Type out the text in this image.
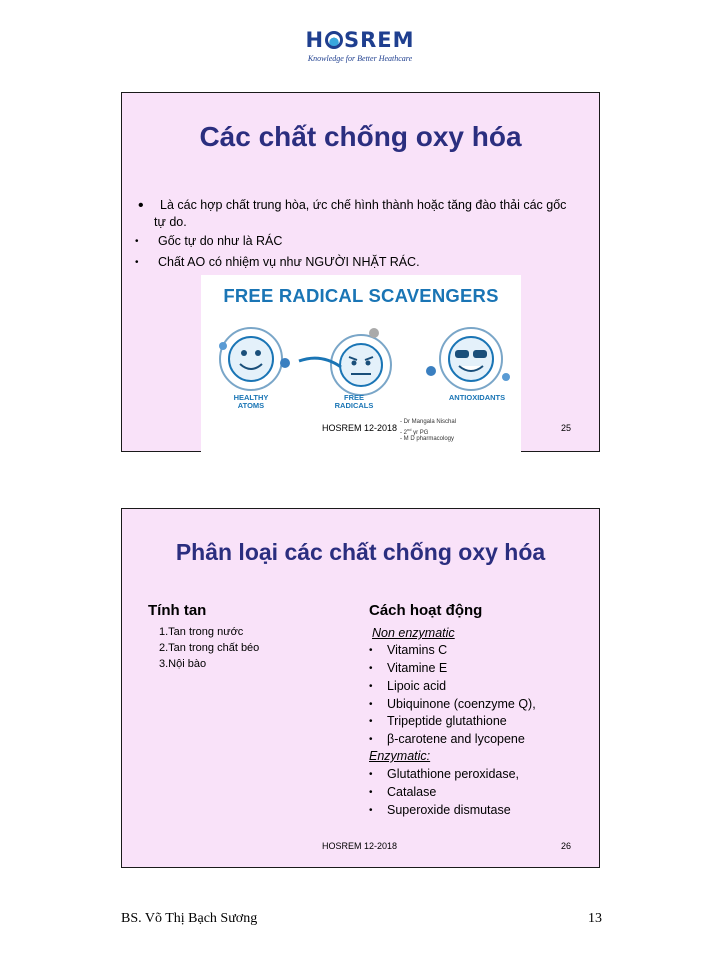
H SREM
Knowledge for Better Heathcare
Các chất chống oxy hóa
• Là các hợp chất trung hòa, ức chế hình thành hoặc tăng đào thải các gốc
tự do.
• Gốc tự do như là RÁC
• Chất AO có nhiệm vụ như NGƯỜI NHẶT RÁC.
FREE RADICAL SCAVENGERS
HEALTHY
ATOMS
FREE
RADICALS
ANTIOXIDANTS
- Dr Mangala Nischal
- 2nd yr PG
- M D pharmacology
HOSREM 12-2018	25
Phân loại các chất chống oxy hóa
Tính tan
1.Tan trong nước
2.Tan trong chất béo
3.Nội bào
Cách hoạt động
Non enzymatic
• Vitamins C
• Vitamine E
• Lipoic acid
• Ubiquinone (coenzyme Q),
• Tripeptide glutathione
• β-carotene and lycopene
Enzymatic:
• Glutathione peroxidase,
• Catalase
• Superoxide dismutase
HOSREM 12-2018	26
BS. Võ Thị Bạch Sương	13
